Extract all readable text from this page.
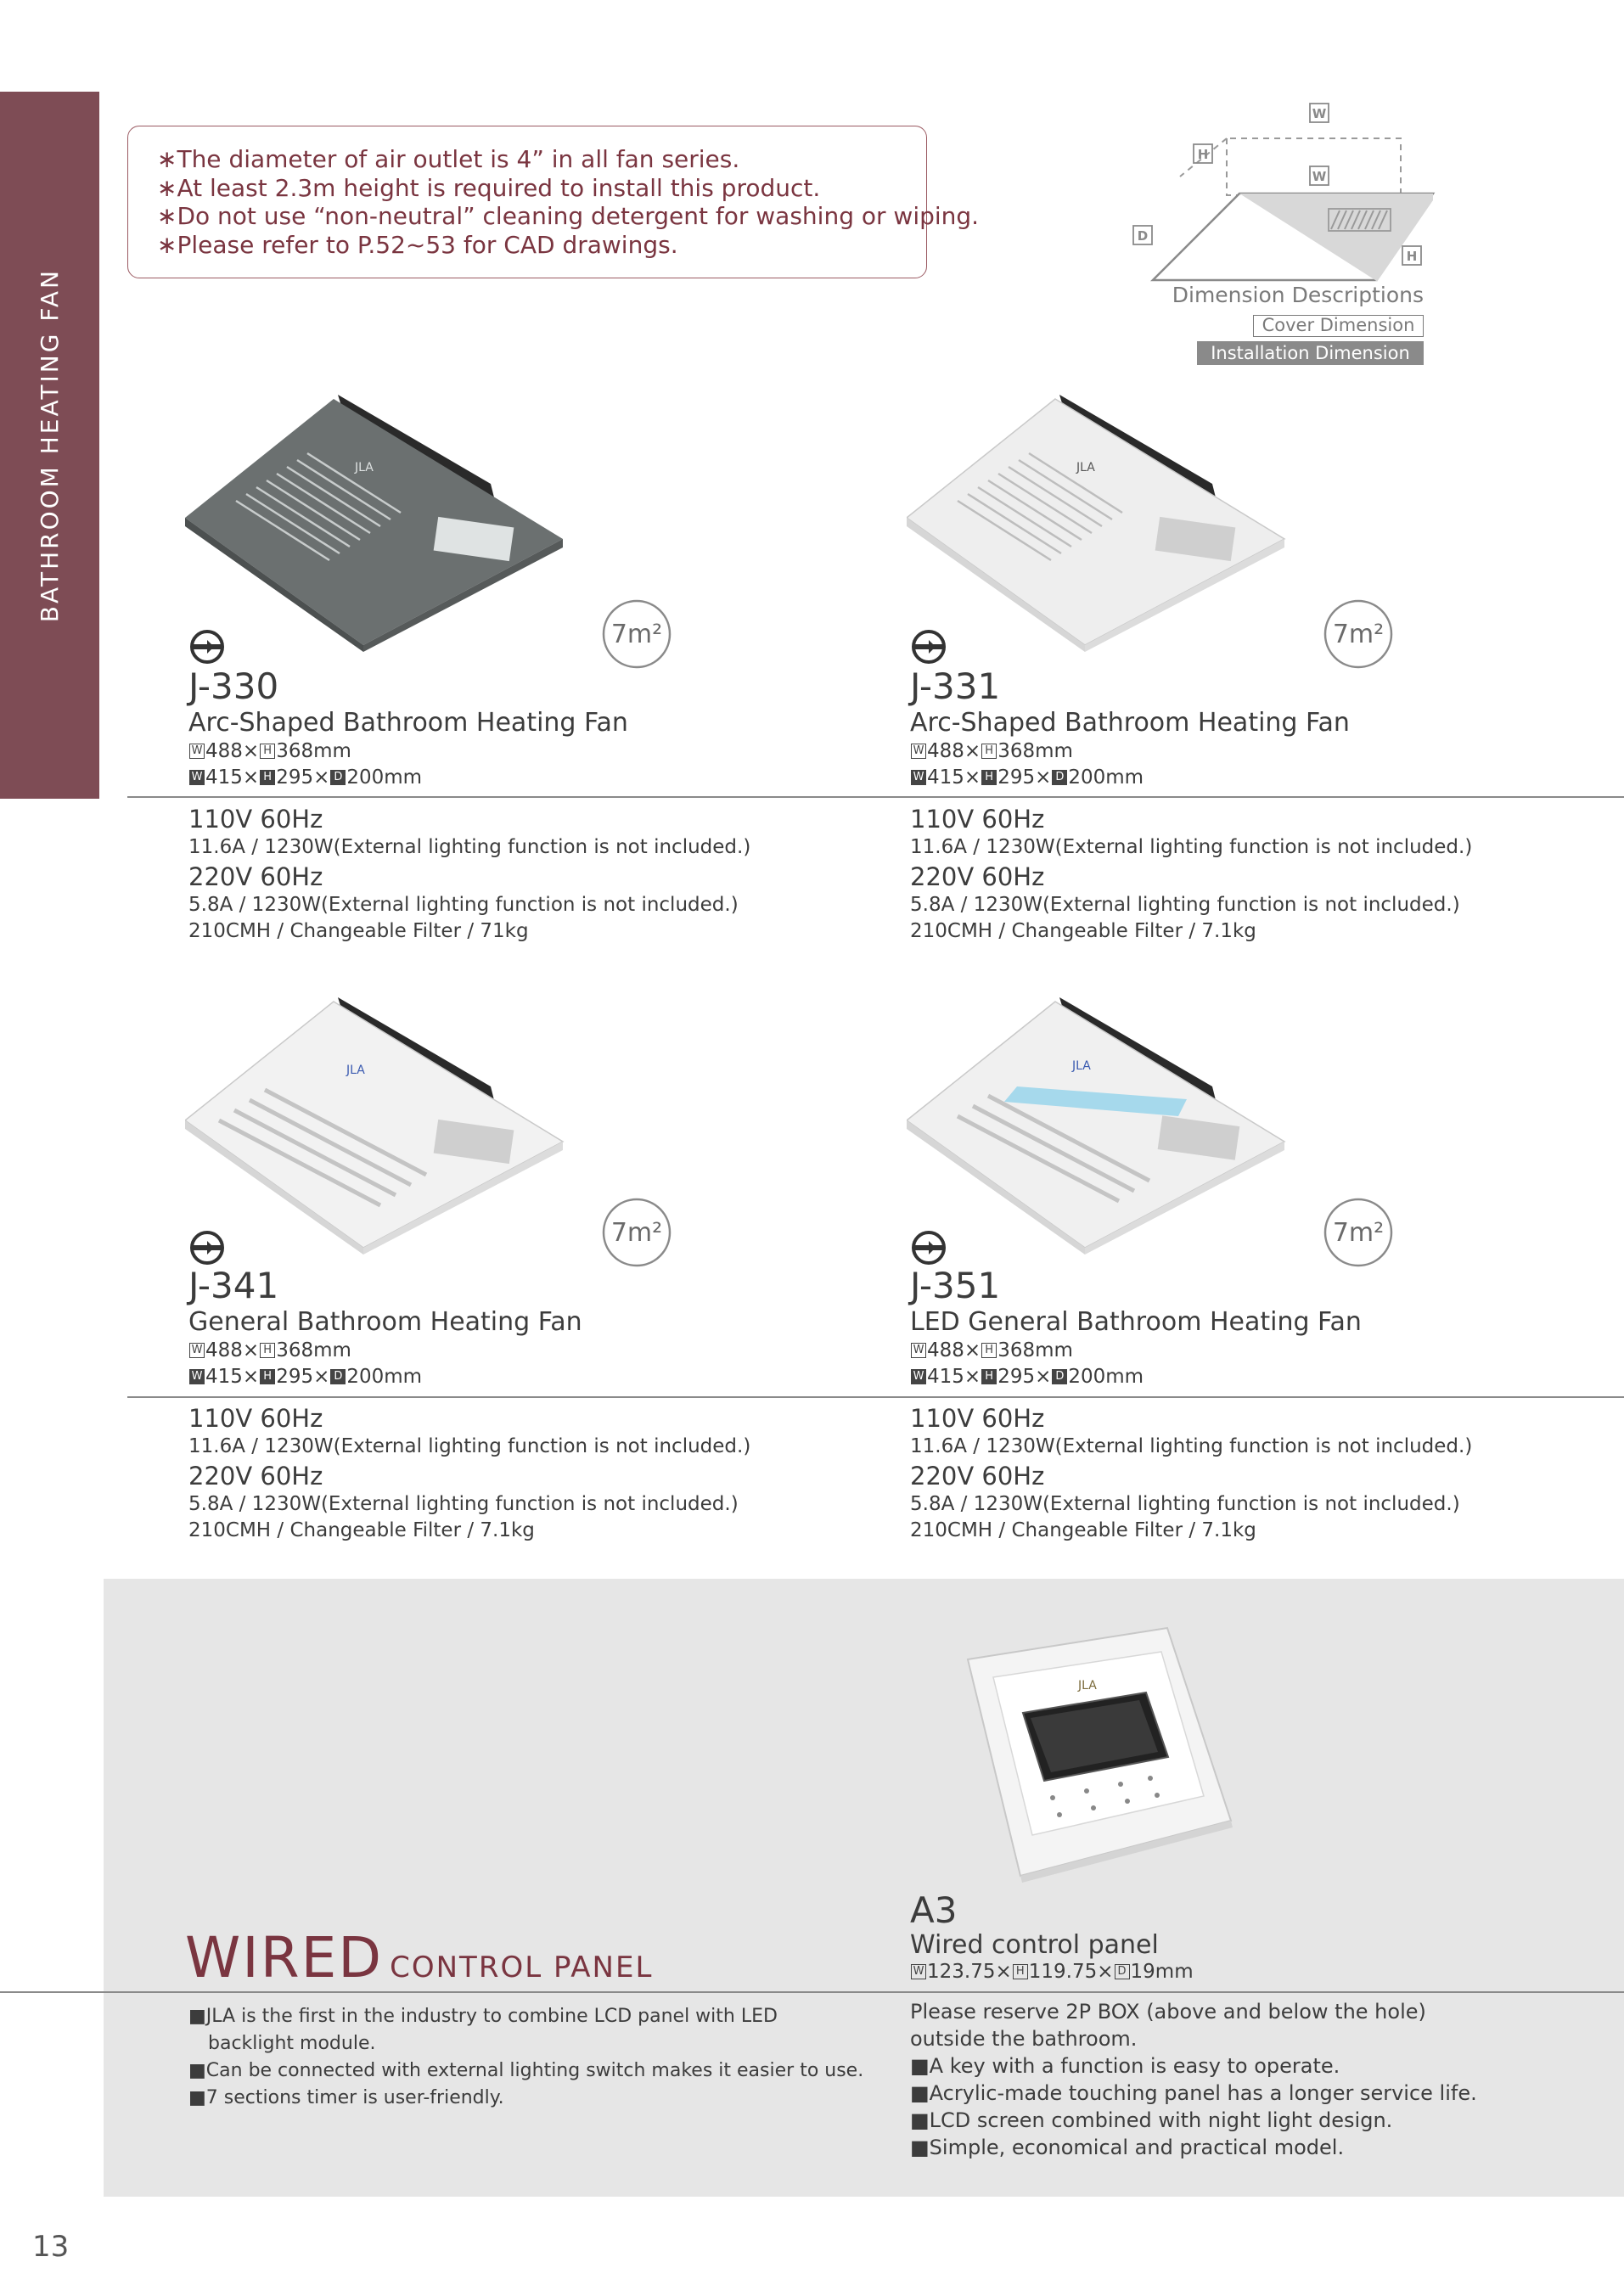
BATHROOM HEATING FAN
∗The diameter of air outlet is 4” in all fan series.
∗At least 2.3m height is required to install this product.
∗Do not use “non-neutral” cleaning detergent for washing or wiping.
∗Please refer to P.52~53 for CAD drawings.
W
H
W
D
H
Dimension Descriptions
Cover Dimension
Installation Dimension
JLA	JLA
JLA	JLA
7m²	7m²
7m²	7m²
J-330
Arc-Shaped Bathroom Heating Fan
W 488 × H 368mm
W 415 × H 295 × D 200mm
110V 60Hz
11.6A / 1230W(External lighting function is not included.)
220V 60Hz
5.8A / 1230W(External lighting function is not included.)
210CMH / Changeable Filter / 71kg
J-331
Arc-Shaped Bathroom Heating Fan
W 488 × H 368mm
W 415 × H 295 × D 200mm
110V 60Hz
11.6A / 1230W(External lighting function is not included.)
220V 60Hz
5.8A / 1230W(External lighting function is not included.)
210CMH / Changeable Filter / 7.1kg
J-341
General Bathroom Heating Fan
W 488 × H 368mm
W 415 × H 295 × D 200mm
110V 60Hz
11.6A / 1230W(External lighting function is not included.)
220V 60Hz
5.8A / 1230W(External lighting function is not included.)
210CMH / Changeable Filter / 7.1kg
J-351
LED General Bathroom Heating Fan
W 488 × H 368mm
W 415 × H 295 × D 200mm
110V 60Hz
11.6A / 1230W(External lighting function is not included.)
220V 60Hz
5.8A / 1230W(External lighting function is not included.)
210CMH / Changeable Filter / 7.1kg
JLA
WIRED CONTROL PANEL
■JLA is the first in the industry to combine LCD panel with LED
backlight module.
■Can be connected with external lighting switch makes it easier to use.
■7 sections timer is user-friendly.
A3
Wired control panel
W 123.75 × H 119.75 × D 19mm
Please reserve 2P BOX (above and below the hole)
outside the bathroom.
■A key with a function is easy to operate.
■Acrylic-made touching panel has a longer service life.
■LCD screen combined with night light design.
■Simple, economical and practical model.
13
